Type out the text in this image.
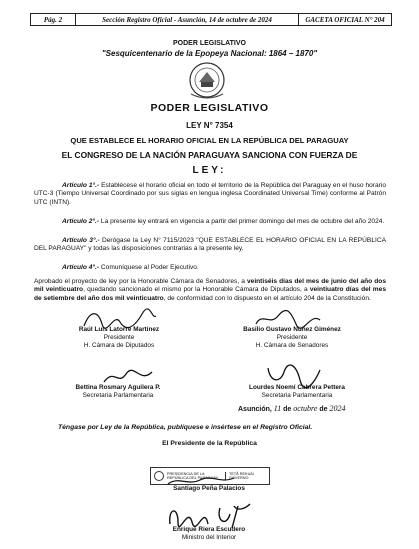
Pág. 2	Sección Registro Oficial - Asunción, 14 de octubre de 2024	GACETA OFICIAL N° 204
PODER LEGISLATIVO
"Sesquicentenario de la Epopeya Nacional: 1864 – 1870"
PODER LEGISLATIVO
LEY N° 7354
QUE ESTABLECE EL HORARIO OFICIAL EN LA REPÚBLICA DEL PARAGUAY
EL CONGRESO DE LA NACIÓN PARAGUAYA SANCIONA CON FUERZA DE
LEY:
Artículo 1°.- Establécese el horario oficial en todo el territorio de la República del Paraguay en el huso horario UTC-3 (Tiempo Universal Coordinado por sus siglas en lengua inglesa Coordinated Universal Time) conforme al Patrón UTC (INTN).
Artículo 2°.- La presente ley entrará en vigencia a partir del primer domingo del mes de octubre del año 2024.
Artículo 3°.- Derógase la Ley N° 7115/2023 "QUE ESTABLECE EL HORARIO OFICIAL EN LA REPÚBLICA DEL PARAGUAY" y todas las disposiciones contrarias a la presente ley.
Artículo 4°.- Comuníquese al Poder Ejecutivo.
Aprobado el proyecto de ley por la Honorable Cámara de Senadores, a veintiséis días del mes de junio del año dos mil veinticuatro, quedando sancionado el mismo por la Honorable Cámara de Diputados, a veintiuatro días del mes de setiembre del año dos mil veinticuatro, de conformidad con lo dispuesto en el artículo 204 de la Constitución.
Raúl Luis Latorre Martínez
Presidente
H. Cámara de Diputados
Basilio Gustavo Núñez Giménez
Presidente
H. Cámara de Senadores
Bettina Rosmary Aguilera P.
Secretaria Parlamentaria
Lourdes Noemí Cabrera Pettera
Secretaria Parlamentaria
Asunción, 11 de octubre de 2024
Téngase por Ley de la República, publíquese e insértese en el Registro Oficial.
El Presidente de la República
PRESIDENCIA DE LA REPÚBLICA DEL PARAGUAY
TETÃ REKUÁI GOVERNO
Santiago Peña Palacios
Enrique Riera Escudero
Ministro del Interior
